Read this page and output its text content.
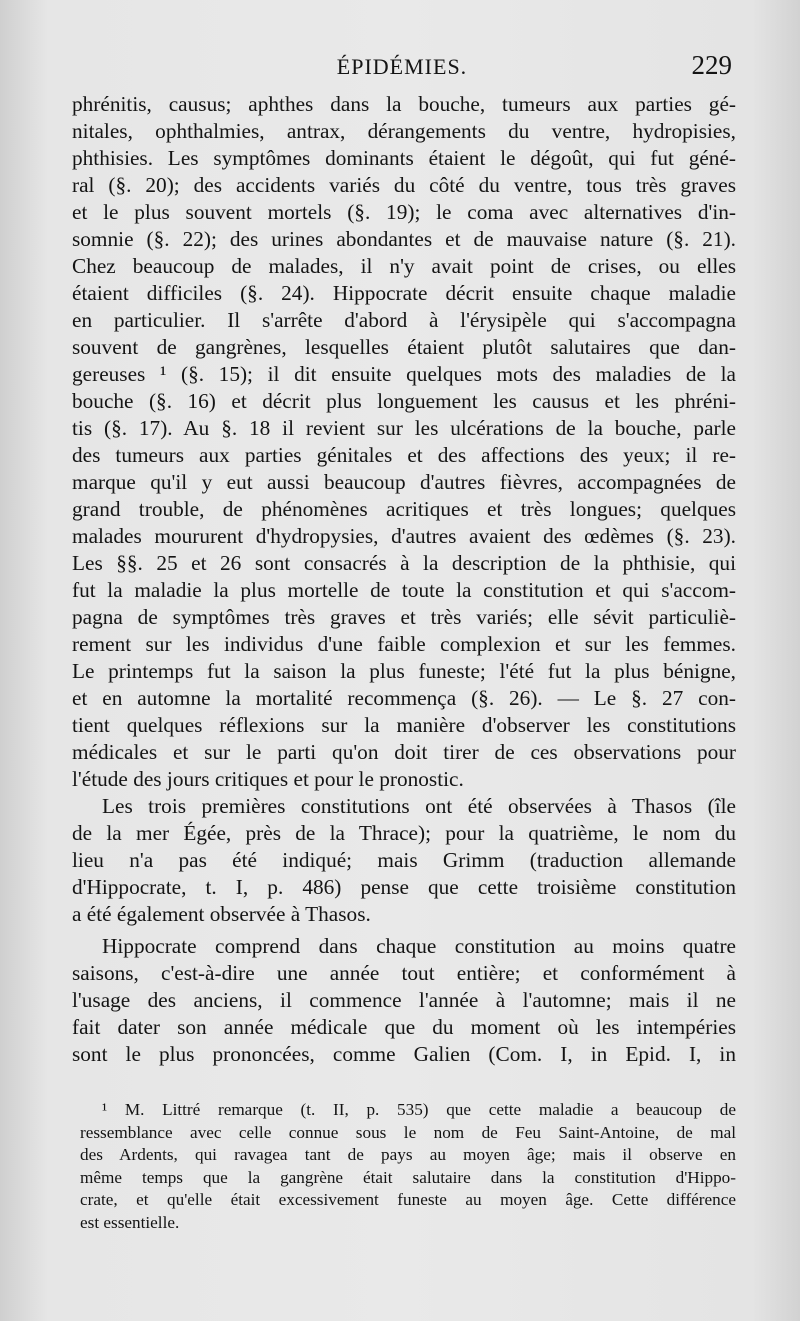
ÉPIDÉMIES.	229
phrénitis, causus; aphthes dans la bouche, tumeurs aux parties gé-
nitales, ophthalmies, antrax, dérangements du ventre, hydropisies,
phthisies. Les symptômes dominants étaient le dégoût, qui fut géné-
ral (§. 20); des accidents variés du côté du ventre, tous très graves
et le plus souvent mortels (§. 19); le coma avec alternatives d'in-
somnie (§. 22); des urines abondantes et de mauvaise nature (§. 21).
Chez beaucoup de malades, il n'y avait point de crises, ou elles
étaient difficiles (§. 24). Hippocrate décrit ensuite chaque maladie
en particulier. Il s'arrête d'abord à l'érysipèle qui s'accompagna
souvent de gangrènes, lesquelles étaient plutôt salutaires que dan-
gereuses ¹ (§. 15); il dit ensuite quelques mots des maladies de la
bouche (§. 16) et décrit plus longuement les causus et les phréni-
tis (§. 17). Au §. 18 il revient sur les ulcérations de la bouche, parle
des tumeurs aux parties génitales et des affections des yeux; il re-
marque qu'il y eut aussi beaucoup d'autres fièvres, accompagnées de
grand trouble, de phénomènes acritiques et très longues; quelques
malades moururent d'hydropysies, d'autres avaient des œdèmes (§. 23).
Les §§. 25 et 26 sont consacrés à la description de la phthisie, qui
fut la maladie la plus mortelle de toute la constitution et qui s'accom-
pagna de symptômes très graves et très variés; elle sévit particuliè-
rement sur les individus d'une faible complexion et sur les femmes.
Le printemps fut la saison la plus funeste; l'été fut la plus bénigne,
et en automne la mortalité recommença (§. 26). — Le §. 27 con-
tient quelques réflexions sur la manière d'observer les constitutions
médicales et sur le parti qu'on doit tirer de ces observations pour
l'étude des jours critiques et pour le pronostic.
Les trois premières constitutions ont été observées à Thasos (île
de la mer Égée, près de la Thrace); pour la quatrième, le nom du
lieu n'a pas été indiqué; mais Grimm (traduction allemande
d'Hippocrate, t. I, p. 486) pense que cette troisième constitution
a été également observée à Thasos.
Hippocrate comprend dans chaque constitution au moins quatre
saisons, c'est-à-dire une année tout entière; et conformément à
l'usage des anciens, il commence l'année à l'automne; mais il ne
fait dater son année médicale que du moment où les intempéries
sont le plus prononcées, comme Galien (Com. I, in Epid. I, in
¹ M. Littré remarque (t. II, p. 535) que cette maladie a beaucoup de
ressemblance avec celle connue sous le nom de Feu Saint-Antoine, de mal
des Ardents, qui ravagea tant de pays au moyen âge; mais il observe en
même temps que la gangrène était salutaire dans la constitution d'Hippo-
crate, et qu'elle était excessivement funeste au moyen âge. Cette différence
est essentielle.
